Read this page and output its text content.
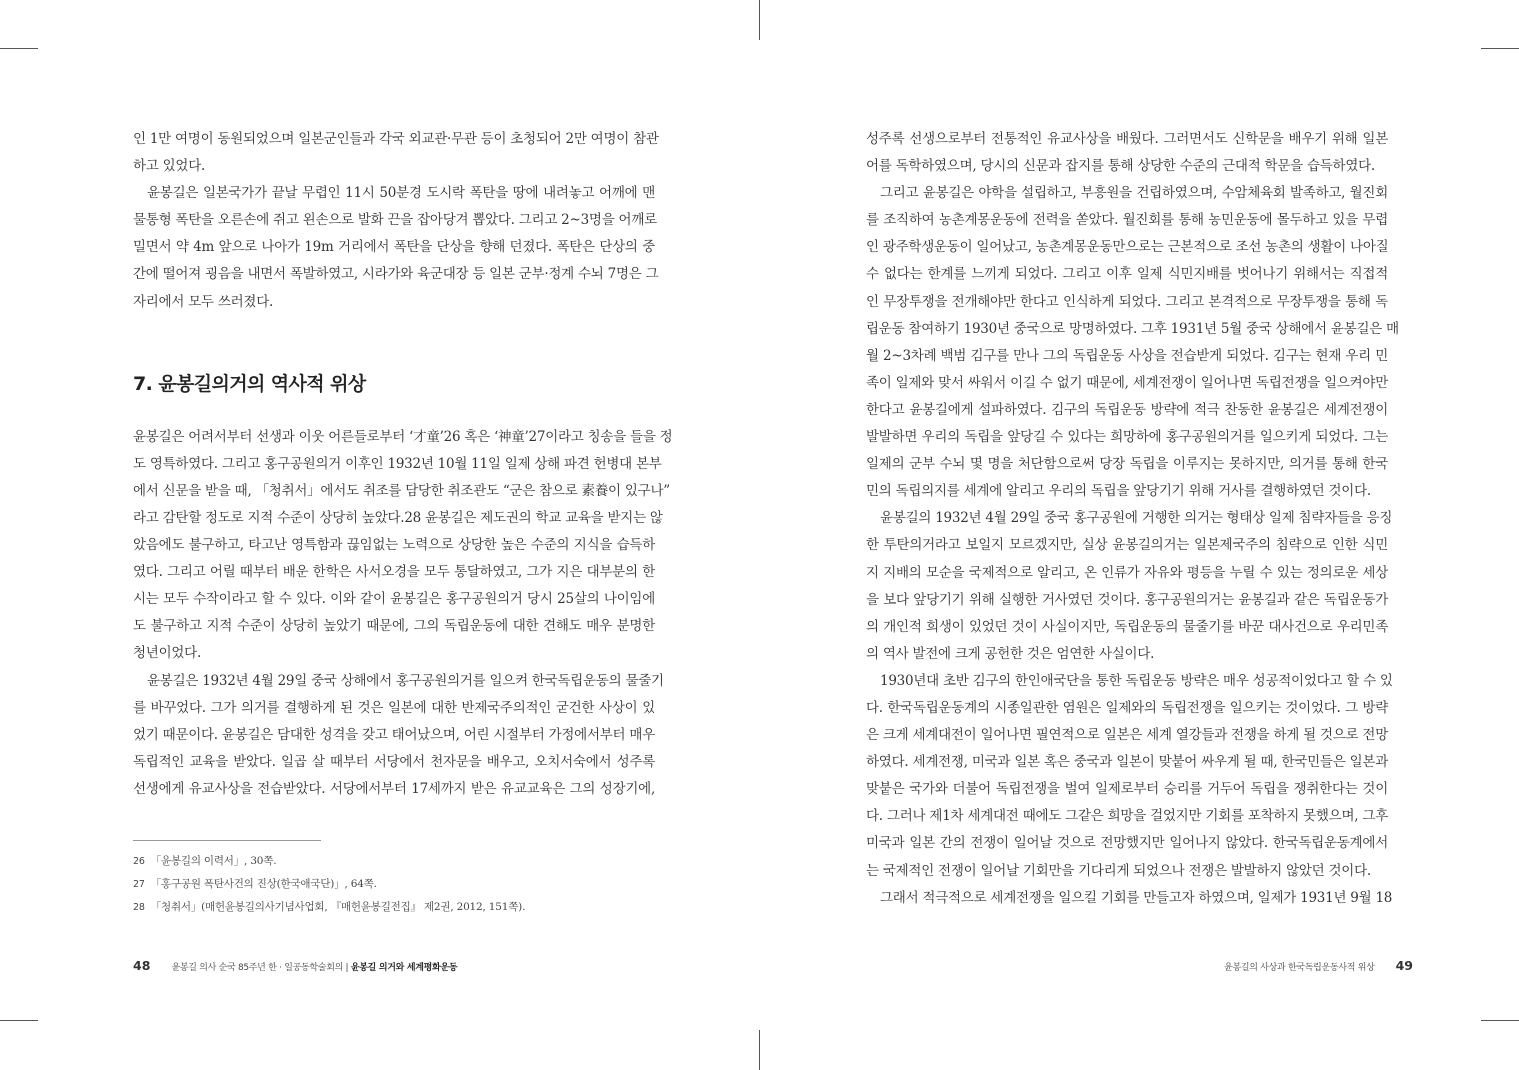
인 1만 여명이 동원되었으며 일본군인들과 각국 외교관·무관 등이 초청되어 2만 여명이 참관
하고 있었다.
윤봉길은 일본국가가 끝날 무렵인 11시 50분경 도시락 폭탄을 땅에 내려놓고 어깨에 맨
물통형 폭탄을 오른손에 쥐고 왼손으로 발화 끈을 잡아당겨 뽑았다. 그리고 2~3명을 어깨로
밀면서 약 4m 앞으로 나아가 19m 거리에서 폭탄을 단상을 향해 던졌다. 폭탄은 단상의 중
간에 떨어져 굉음을 내면서 폭발하였고, 시라가와 육군대장 등 일본 군부·정계 수뇌 7명은 그
자리에서 모두 쓰러졌다.
7. 윤봉길의거의 역사적 위상
윤봉길은 어려서부터 선생과 이웃 어른들로부터 ‘才童’26 혹은 ‘神童’27이라고 칭송을 들을 정
도 영특하였다. 그리고 홍구공원의거 이후인 1932년 10월 11일 일제 상해 파견 헌병대 본부
에서 신문을 받을 때, 「청취서」에서도 취조를 담당한 취조관도 “군은 참으로 素養이 있구나”
라고 감탄할 정도로 지적 수준이 상당히 높았다.28 윤봉길은 제도권의 학교 교육을 받지는 않
았음에도 불구하고, 타고난 영특함과 끊임없는 노력으로 상당한 높은 수준의 지식을 습득하
였다. 그리고 어릴 때부터 배운 한학은 사서오경을 모두 통달하였고, 그가 지은 대부분의 한
시는 모두 수작이라고 할 수 있다. 이와 같이 윤봉길은 홍구공원의거 당시 25살의 나이임에
도 불구하고 지적 수준이 상당히 높았기 때문에, 그의 독립운동에 대한 견해도 매우 분명한
청년이었다.
윤봉길은 1932년 4월 29일 중국 상해에서 홍구공원의거를 일으켜 한국독립운동의 물줄기
를 바꾸었다. 그가 의거를 결행하게 된 것은 일본에 대한 반제국주의적인 굳건한 사상이 있
었기 때문이다. 윤봉길은 담대한 성격을 갖고 태어났으며, 어린 시절부터 가정에서부터 매우
독립적인 교육을 받았다. 일곱 살 때부터 서당에서 천자문을 배우고, 오치서숙에서 성주록
선생에게 유교사상을 전습받았다. 서당에서부터 17세까지 받은 유교교육은 그의 성장기에,
26 「윤봉길의 이력서」, 30쪽.
27 「홍구공원 폭탄사건의 진상(한국애국단)」, 64쪽.
28 「청취서」(매헌윤봉길의사기념사업회, 『매헌윤봉길전집』 제2권, 2012, 151쪽).
48 윤봉길 의사 순국 85주년 한 · 일공동학술회의 | 윤봉길 의거와 세계평화운동
성주록 선생으로부터 전통적인 유교사상을 배웠다. 그러면서도 신학문을 배우기 위해 일본
어를 독학하였으며, 당시의 신문과 잡지를 통해 상당한 수준의 근대적 학문을 습득하였다.
그리고 윤봉길은 야학을 설립하고, 부흥원을 건립하였으며, 수암체육회 발족하고, 월진회
를 조직하여 농촌계몽운동에 전력을 쏟았다. 월진회를 통해 농민운동에 몰두하고 있을 무렵
인 광주학생운동이 일어났고, 농촌계몽운동만으로는 근본적으로 조선 농촌의 생활이 나아질
수 없다는 한계를 느끼게 되었다. 그리고 이후 일제 식민지배를 벗어나기 위해서는 직접적
인 무장투쟁을 전개해야만 한다고 인식하게 되었다. 그리고 본격적으로 무장투쟁을 통해 독
립운동 참여하기 1930년 중국으로 망명하였다. 그후 1931년 5월 중국 상해에서 윤봉길은 매
월 2~3차례 백범 김구를 만나 그의 독립운동 사상을 전습받게 되었다. 김구는 현재 우리 민
족이 일제와 맞서 싸워서 이길 수 없기 때문에, 세계전쟁이 일어나면 독립전쟁을 일으켜야만
한다고 윤봉길에게 설파하였다. 김구의 독립운동 방략에 적극 찬동한 윤봉길은 세계전쟁이
발발하면 우리의 독립을 앞당길 수 있다는 희망하에 홍구공원의거를 일으키게 되었다. 그는
일제의 군부 수뇌 몇 명을 처단함으로써 당장 독립을 이루지는 못하지만, 의거를 통해 한국
민의 독립의지를 세계에 알리고 우리의 독립을 앞당기기 위해 거사를 결행하였던 것이다.
윤봉길의 1932년 4월 29일 중국 홍구공원에 거행한 의거는 형태상 일제 침략자들을 응징
한 투탄의거라고 보일지 모르겠지만, 실상 윤봉길의거는 일본제국주의 침략으로 인한 식민
지 지배의 모순을 국제적으로 알리고, 온 인류가 자유와 평등을 누릴 수 있는 정의로운 세상
을 보다 앞당기기 위해 실행한 거사였던 것이다. 홍구공원의거는 윤봉길과 같은 독립운동가
의 개인적 희생이 있었던 것이 사실이지만, 독립운동의 물줄기를 바꾼 대사건으로 우리민족
의 역사 발전에 크게 공헌한 것은 엄연한 사실이다.
1930년대 초반 김구의 한인애국단을 통한 독립운동 방략은 매우 성공적이었다고 할 수 있
다. 한국독립운동계의 시종일관한 염원은 일제와의 독립전쟁을 일으키는 것이었다. 그 방략
은 크게 세계대전이 일어나면 필연적으로 일본은 세계 열강들과 전쟁을 하게 될 것으로 전망
하였다. 세계전쟁, 미국과 일본 혹은 중국과 일본이 맞붙어 싸우게 될 때, 한국민들은 일본과
맞붙은 국가와 더불어 독립전쟁을 벌여 일제로부터 승리를 거두어 독립을 쟁취한다는 것이
다. 그러나 제1차 세계대전 때에도 그같은 희망을 걸었지만 기회를 포착하지 못했으며, 그후
미국과 일본 간의 전쟁이 일어날 것으로 전망했지만 일어나지 않았다. 한국독립운동계에서
는 국제적인 전쟁이 일어날 기회만을 기다리게 되었으나 전쟁은 발발하지 않았던 것이다.
그래서 적극적으로 세계전쟁을 일으킬 기회를 만들고자 하였으며, 일제가 1931년 9월 18
윤봉길의 사상과 한국독립운동사적 위상 49
